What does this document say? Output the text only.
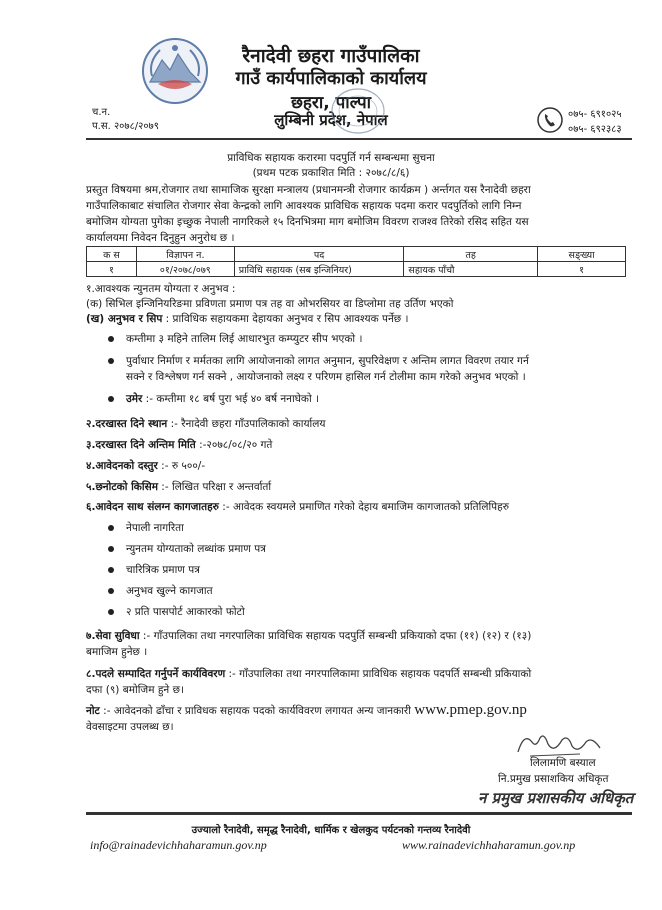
रैनादेवी छहरा गाउँपालिका
गाउँ कार्यपालिकाको कार्यालय
छहरा, पाल्पा
लुम्बिनी प्रदेश, नेपाल
च.न.
प.स. २०७८/२०७९
०७५- ६९१०२५
०७५- ६९२३८३
प्राविधिक सहायक करारमा पदपुर्ति गर्न सम्बन्धमा सुचना
(प्रथम पटक प्रकाशित मिति : २०७८/८/६)
प्रस्तुत विषयमा श्रम,रोजगार तथा सामाजिक सुरक्षा मन्त्रालय (प्रधानमन्त्री रोजगार कार्यक्रम ) अर्न्तगत यस रैनादेवी छहरा
गाउँपालिकाबाट संचालित रोजगार सेवा केन्द्रको लागि आवश्यक प्राविधिक सहायक पदमा करार पदपुर्तिको लागि निम्न
बमोजिम योग्यता पुगेका इच्छुक नेपाली नागरिकले १५ दिनभित्रमा माग बमोजिम विवरण राजश्व तिरेको रसिद सहित यस
कार्यालयमा निवेदन दिनुहुन अनुरोध छ ।
क स	विज्ञापन न.	पद	तह	सङ्ख्या
१	०१/२०७८/०७९	प्राविधि सहायक (सब इन्जिनियर)	सहायक पाँचौ	१
१.आवश्यक न्युनतम योग्यता र अनुभव :
(क) सिभिल इन्जिनियरिङमा प्रविणता प्रमाण पत्र तह वा ओभरसियर वा डिप्लोमा तह उर्तिण भएको
(ख) अनुभव र सिप : प्राविधिक सहायकमा देहायका अनुभव र सिप आवश्यक पर्नेछ ।
कम्तीमा ३ महिने तालिम लिई आधारभुत कम्प्युटर सीप भएको ।
पुर्वाधार निर्माण र मर्मतका लागि आयोजनाको लागत अनुमान, सुपरिवेक्षण र अन्तिम लागत विवरण तयार गर्न
सक्ने र विश्लेषण गर्न सक्ने , आयोजनाको लक्ष्य र परिणम हासिल गर्न टोलीमा काम गरेको अनुभव भएको ।
उमेर :- कम्तीमा १८ बर्ष पुरा भई ४० बर्ष ननाघेको ।
२.दरखास्त दिने स्थान :- रैनादेवी छहरा गाँउपालिकाको कार्यालय
३.दरखास्त दिने अन्तिम मिति :-२०७८/०८/२० गते
४.आवेदनको दस्तुर :- रु ५००/-
५.छनोटको किसिम :- लिखित परिक्षा र अन्तर्वार्ता
६.आवेदन साथ संलग्न कागजातहरु :- आवेदक स्वयमले प्रमाणित गरेको देहाय बमाजिम कागजातको प्रतिलिपिहरु
नेपाली नागरिता
न्युनतम योग्यताको लब्धांक प्रमाण पत्र
चारित्रिक प्रमाण पत्र
अनुभव खुल्ने कागजात
२ प्रति पासपोर्ट आकारको फोटो
७.सेवा सुविधा :- गाँउपालिका तथा नगरपालिका प्राविधिक सहायक पदपुर्ति सम्बन्धी प्रकियाको दफा (११) (१२) र (१३)
बमाजिम हुनेछ ।
८.पदले सम्पादित गर्नुपर्ने कार्यविवरण :- गाँउपालिका तथा नगरपालिकामा प्राविधिक सहायक पदपर्ति सम्बन्धी प्रकियाको
दफा (९) बमोजिम हुने छ।
नोट :- आवेदनको ढाँचा र प्राविधक सहायक पदको कार्यविवरण लगायत अन्य जानकारी www.pmep.gov.np
वेवसाइटमा उपलब्ध छ।
लिलामणि बस्याल
नि.प्रमुख प्रसाशकिय अधिकृत
न प्रमुख प्रशासकीय अधिकृत
उज्यालो रैनादेवी, समृद्ध रैनादेवी, धार्मिक र खेलकुद पर्यटनको गन्तव्य रैनादेवी
info@rainadevichhaharamun.gov.np	www.rainadevichhaharamun.gov.np
